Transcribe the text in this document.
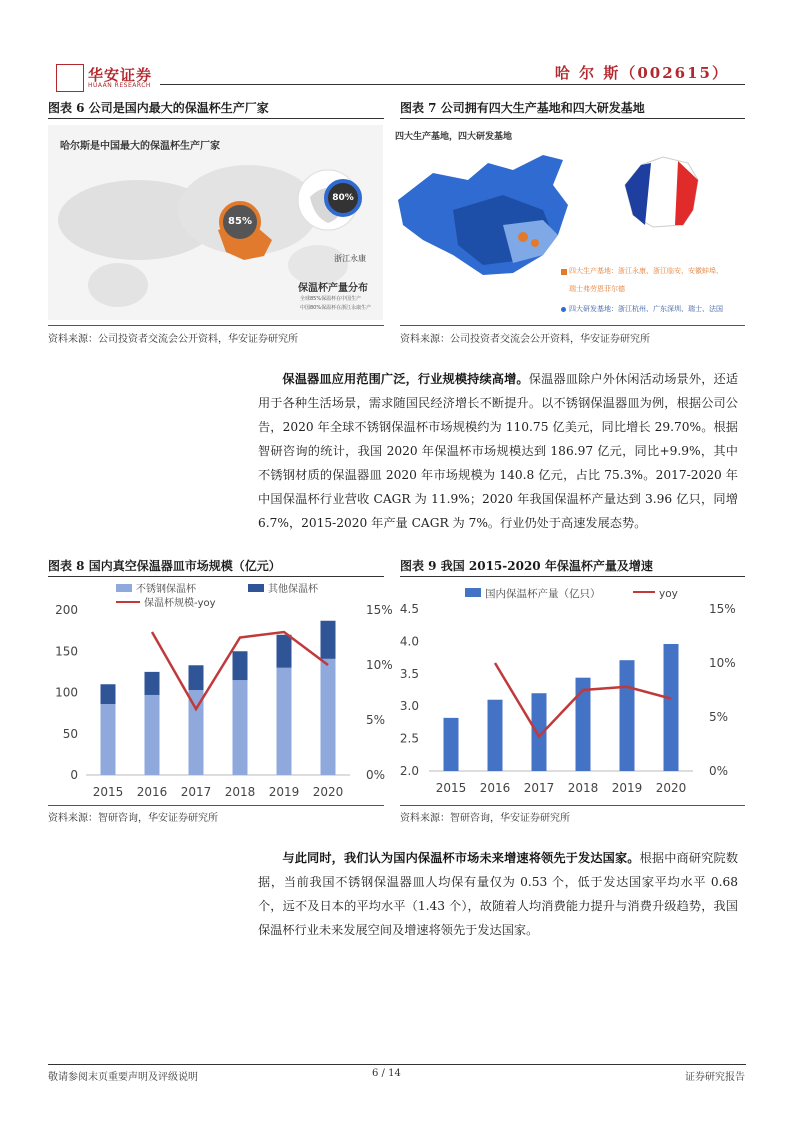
华安证券
HUAAN RESEARCH
哈 尔 斯（002615）
图表 6 公司是国内最大的保温杯生产厂家	图表 7 公司拥有四大生产基地和四大研发基地
哈尔斯是中国最大的保温杯生产厂家
85%
80%
浙江永康
保温杯产量分布
全球85%保温杯在中国生产
中国80%保温杯在浙江永康生产
四大生产基地，四大研发基地
四大生产基地：浙江永康、浙江临安、安徽蚌埠、
瑞士弗劳恩菲尔德
四大研发基地：浙江杭州、广东深圳、瑞士、法国
资料来源：公司投资者交流会公开资料，华安证券研究所	资料来源：公司投资者交流会公开资料，华安证券研究所
保温器皿应用范围广泛，行业规模持续高增。保温器皿除户外休闲活动场景外，还适用于各种生活场景，需求随国民经济增长不断提升。以不锈钢保温器皿为例，根据公司公告，2020 年全球不锈钢保温杯市场规模约为 110.75 亿美元，同比增长 29.70%。根据智研咨询的统计，我国 2020 年保温杯市场规模达到 186.97 亿元，同比+9.9%，其中不锈钢材质的保温器皿 2020 年市场规模为 140.8 亿元，占比 75.3%。2017-2020 年中国保温杯行业营收 CAGR 为 11.9%；2020 年我国保温杯产量达到 3.96 亿只，同增 6.7%，2015-2020 年产量 CAGR 为 7%。行业仍处于高速发展态势。
图表 8 国内真空保温器皿市场规模（亿元）	图表 9 我国 2015-2020 年保温杯产量及增速
0
50
100
150
200
0%
5%
10%
15%
2015 2016 2017 2018 2019 2020
不锈钢保温杯	其他保温杯
保温杯规模-yoy
2.0
2.5
3.0
3.5
4.0
4.5
0%
5%
10%
15%
2015 2016 2017 2018 2019 2020
国内保温杯产量（亿只）	yoy
资料来源：智研咨询，华安证券研究所	资料来源：智研咨询，华安证券研究所
与此同时，我们认为国内保温杯市场未来增速将领先于发达国家。根据中商研究院数据，当前我国不锈钢保温器皿人均保有量仅为 0.53 个，低于发达国家平均水平 0.68 个，远不及日本的平均水平（1.43 个），故随着人均消费能力提升与消费升级趋势，我国保温杯行业未来发展空间及增速将领先于发达国家。
敬请参阅末页重要声明及评级说明	6 / 14	证券研究报告
